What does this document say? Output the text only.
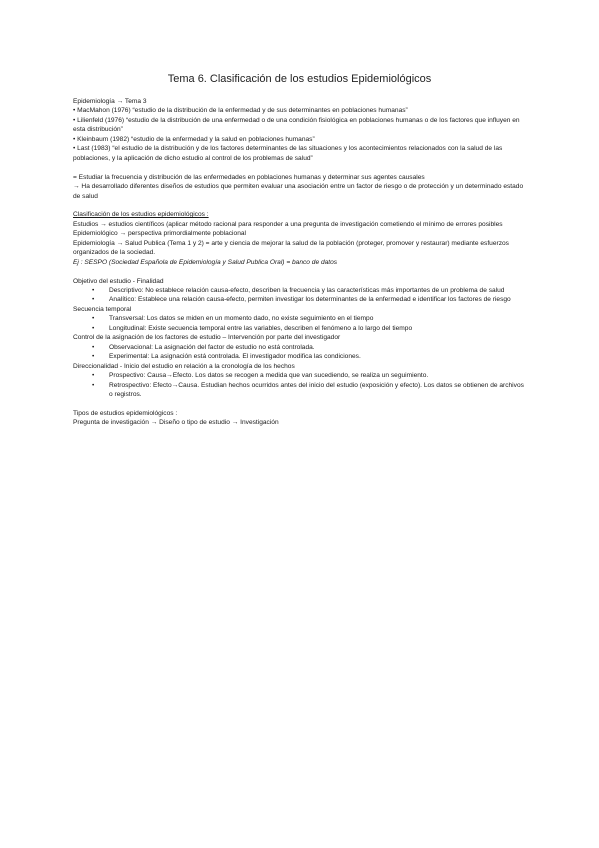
Tema 6. Clasificación de los estudios Epidemiológicos

Epidemiología → Tema 3

• MacMahon (1976) “estudio de la distribución de la enfermedad y de sus determinantes en poblaciones humanas”

• Lilienfeld (1976) “estudio de la distribución de una enfermedad o de una condición fisiológica en poblaciones humanas o de los factores que influyen en esta distribución”

• Kleinbaum (1982) “estudio de la enfermedad y la salud en poblaciones humanas”

• Last (1983) “el estudio de la distribución y de los factores determinantes de las situaciones y los acontecimientos relacionados con la salud de las poblaciones, y la aplicación de dicho estudio al control de los problemas de salud”

= Estudiar la frecuencia y distribución de las enfermedades en poblaciones humanas y determinar sus agentes causales

→ Ha desarrollado diferentes diseños de estudios que permiten evaluar una asociación entre un factor de riesgo o de protección y un determinado estado de salud

Clasificación de los estudios epidemiológicos :

Estudios → estudios científicos (aplicar método racional para responder a una pregunta de investigación cometiendo el mínimo de errores posibles

Epidemiológico → perspectiva primordialmente poblacional

Epidemiología → Salud Publica (Tema 1 y 2) = arte y ciencia de mejorar la salud de la población (proteger, promover y restaurar) mediante esfuerzos organizados de la sociedad.

Ej : SESPO (Sociedad Española de Epidemiología y Salud Publica Oral) = banco de datos

Objetivo del estudio - Finalidad

• Descriptivo: No establece relación causa-efecto, describen la frecuencia y las características más importantes de un problema de salud
• Analítico: Establece una relación causa-efecto, permiten investigar los determinantes de la enfermedad e identificar los factores de riesgo

Secuencia temporal

• Transversal: Los datos se miden en un momento dado, no existe seguimiento en el tiempo
• Longitudinal: Existe secuencia temporal entre las variables, describen el fenómeno a lo largo del tiempo

Control de la asignación de los factores de estudio – Intervención por parte del investigador

• Observacional: La asignación del factor de estudio no está controlada.
• Experimental: La asignación está controlada. El investigador modifica las condiciones.

Direccionalidad - Inicio del estudio en relación a la cronología de los hechos

• Prospectivo: Causa→Efecto. Los datos se recogen a medida que van sucediendo, se realiza un seguimiento.
• Retrospectivo: Efecto→Causa. Estudian hechos ocurridos antes del inicio del estudio (exposición y efecto). Los datos se obtienen de archivos o registros.

Tipos de estudios epidemiológicos :

Pregunta de investigación → Diseño o tipo de estudio → Investigación
